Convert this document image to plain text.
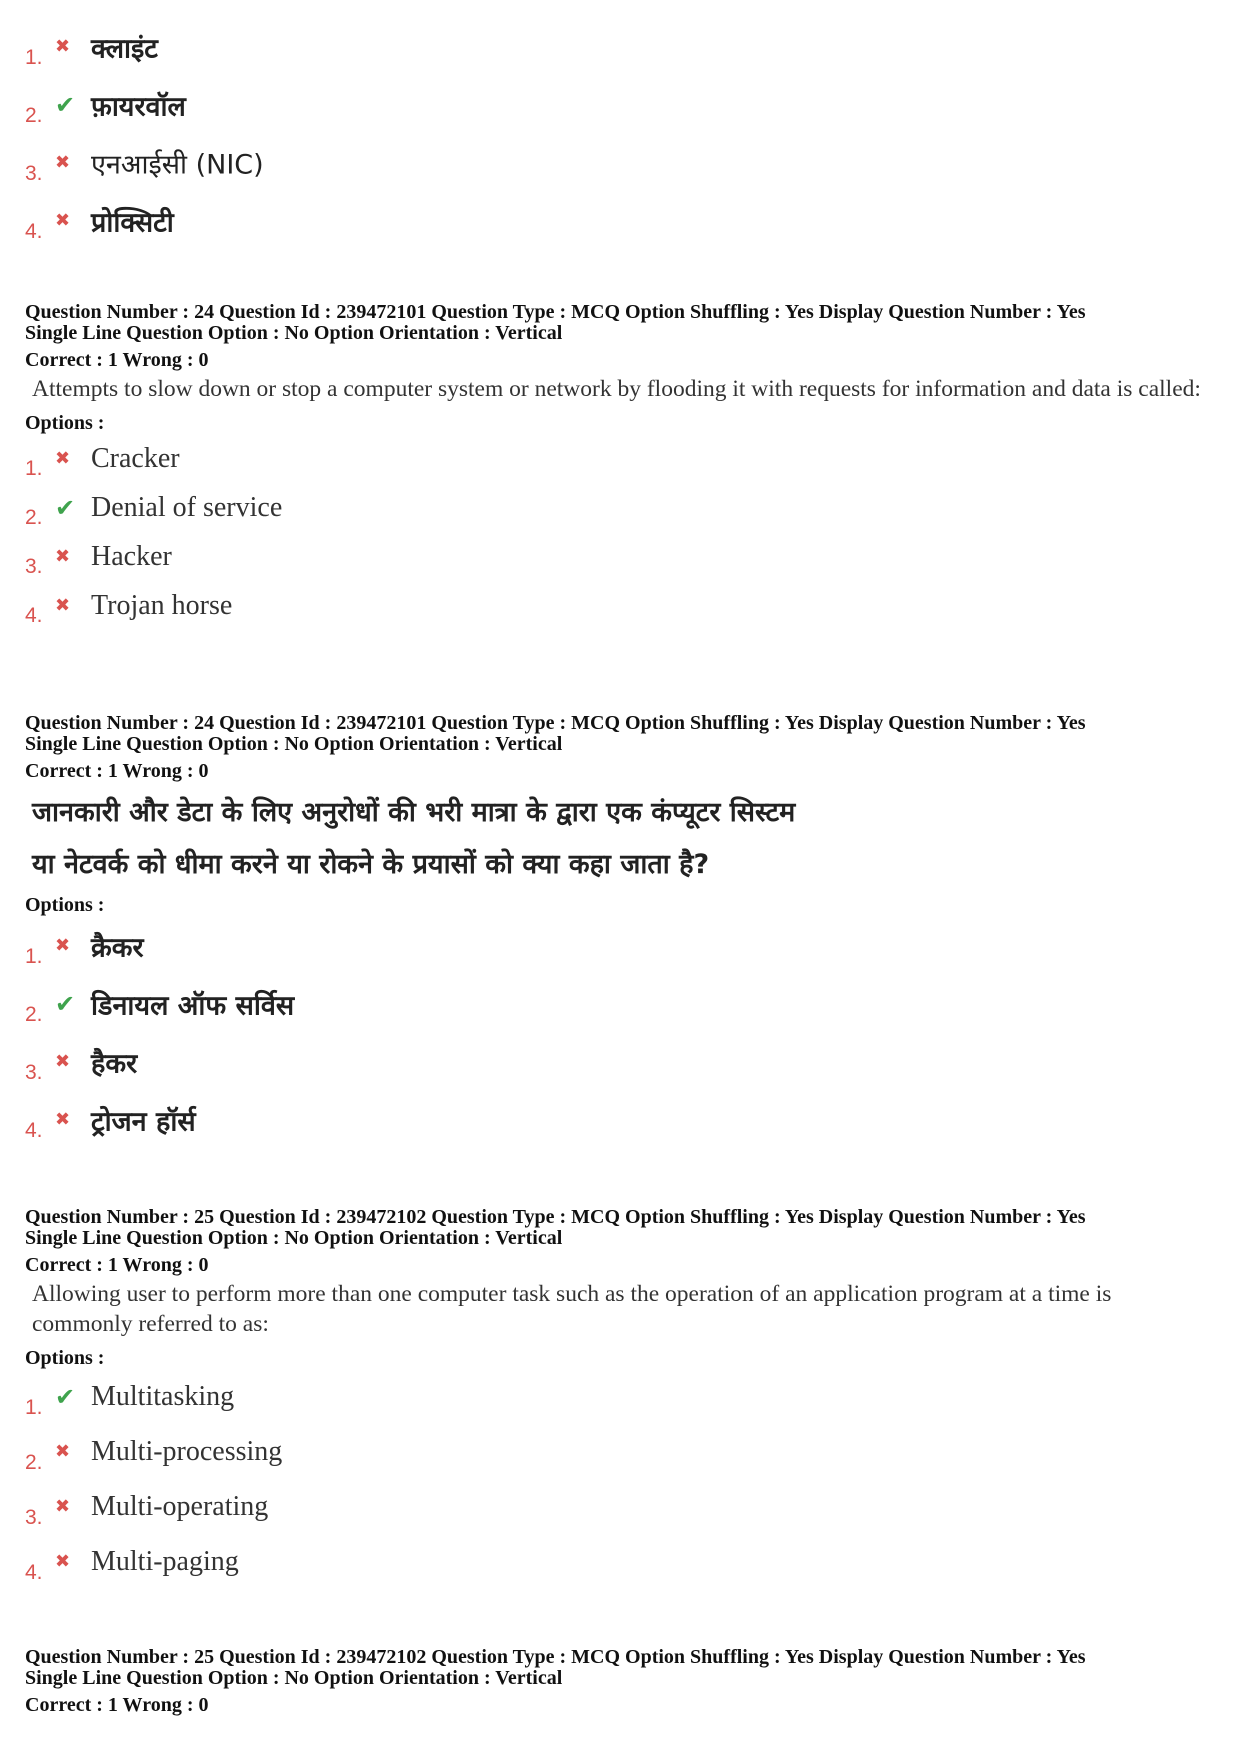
1. ✖ क्लाइंट
2. ✔ फ़ायरवॉल
3. ✖ एनआईसी (NIC)
4. ✖ प्रोक्सिटी
Question Number : 24 Question Id : 239472101 Question Type : MCQ Option Shuffling : Yes Display Question Number : Yes
Single Line Question Option : No Option Orientation : Vertical
Correct : 1 Wrong : 0
Attempts to slow down or stop a computer system or network by flooding it with requests for information and data is called:
Options :
1. ✖ Cracker
2. ✔ Denial of service
3. ✖ Hacker
4. ✖ Trojan horse
Question Number : 24 Question Id : 239472101 Question Type : MCQ Option Shuffling : Yes Display Question Number : Yes
Single Line Question Option : No Option Orientation : Vertical
Correct : 1 Wrong : 0
जानकारी और डेटा के लिए अनुरोधों की भरी मात्रा के द्वारा एक कंप्यूटर सिस्टम
या नेटवर्क को धीमा करने या रोकने के प्रयासों को क्या कहा जाता है?
Options :
1. ✖ क्रैकर
2. ✔ डिनायल ऑफ सर्विस
3. ✖ हैकर
4. ✖ ट्रोजन हॉर्स
Question Number : 25 Question Id : 239472102 Question Type : MCQ Option Shuffling : Yes Display Question Number : Yes
Single Line Question Option : No Option Orientation : Vertical
Correct : 1 Wrong : 0
Allowing user to perform more than one computer task such as the operation of an application program at a time is commonly referred to as:
Options :
1. ✔ Multitasking
2. ✖ Multi-processing
3. ✖ Multi-operating
4. ✖ Multi-paging
Question Number : 25 Question Id : 239472102 Question Type : MCQ Option Shuffling : Yes Display Question Number : Yes
Single Line Question Option : No Option Orientation : Vertical
Correct : 1 Wrong : 0
